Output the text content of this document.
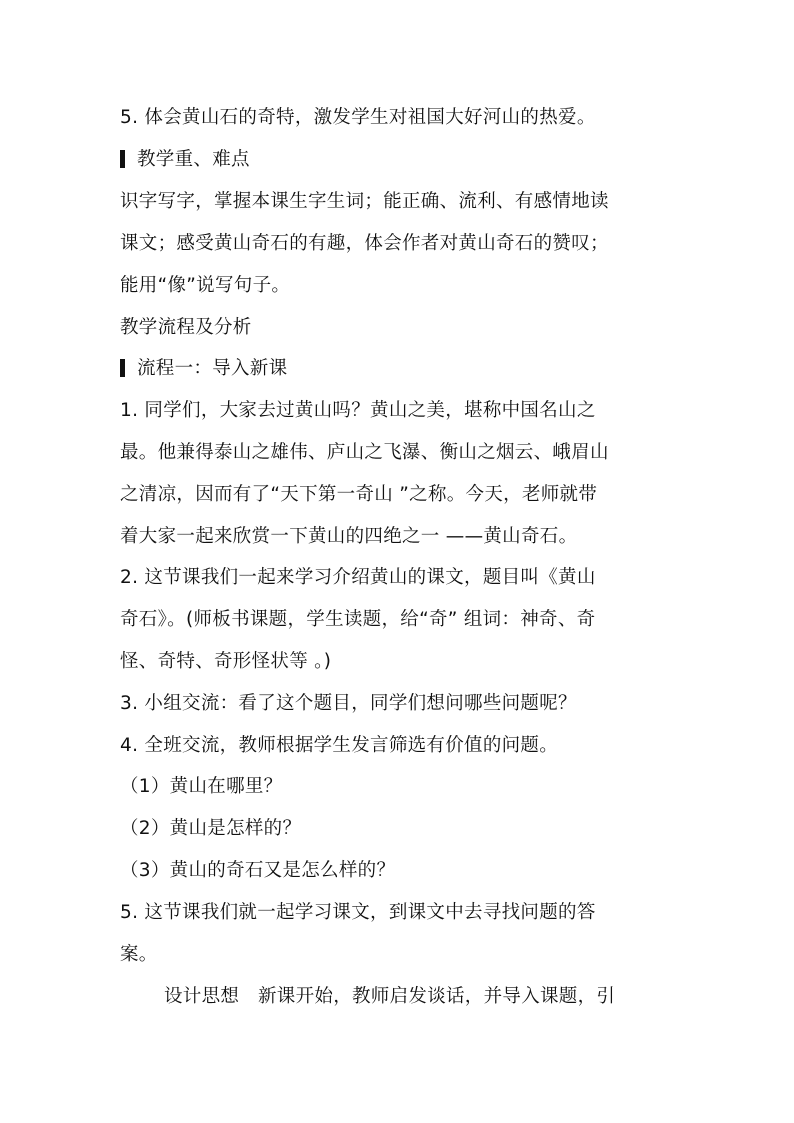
5. 体会黄山石的奇特，激发学生对祖国大好河山的热爱。
教学重、难点
识字写字，掌握本课生字生词；能正确、流利、有感情地读
课文；感受黄山奇石的有趣，体会作者对黄山奇石的赞叹；
能用“像”说写句子。
教学流程及分析
流程一：导入新课
1. 同学们，大家去过黄山吗？黄山之美，堪称中国名山之
最。他兼得泰山之雄伟、庐山之飞瀑、衡山之烟云、峨眉山
之清凉，因而有了“天下第一奇山 ”之称。今天，老师就带
着大家一起来欣赏一下黄山的四绝之一 ——黄山奇石。
2. 这节课我们一起来学习介绍黄山的课文，题目叫《黄山
奇石》。(师板书课题，学生读题，给“奇” 组词：神奇、奇
怪、奇特、奇形怪状等 。)
3. 小组交流：看了这个题目，同学们想问哪些问题呢？
4. 全班交流，教师根据学生发言筛选有价值的问题。
（1）黄山在哪里？
（2）黄山是怎样的？
（3）黄山的奇石又是怎么样的？
5. 这节课我们就一起学习课文，到课文中去寻找问题的答
案。
设计思想　新课开始，教师启发谈话，并导入课题，引
